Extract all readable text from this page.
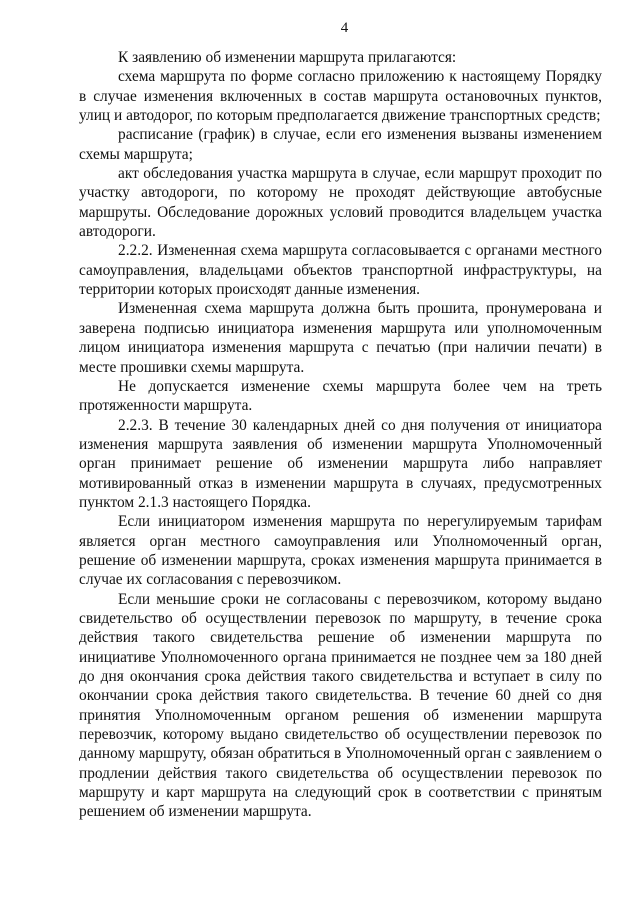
4

К заявлению об изменении маршрута прилагаются:

схема маршрута по форме согласно приложению к настоящему Порядку в случае изменения включенных в состав маршрута остановочных пунктов, улиц и автодорог, по которым предполагается движение транспортных средств;

расписание (график) в случае, если его изменения вызваны изменением схемы маршрута;

акт обследования участка маршрута в случае, если маршрут проходит по участку автодороги, по которому не проходят действующие автобусные маршруты. Обследование дорожных условий проводится владельцем участка автодороги.

2.2.2. Измененная схема маршрута согласовывается с органами местного самоуправления, владельцами объектов транспортной инфраструктуры, на территории которых происходят данные изменения.

Измененная схема маршрута должна быть прошита, пронумерована и заверена подписью инициатора изменения маршрута или уполномоченным лицом инициатора изменения маршрута с печатью (при наличии печати) в месте прошивки схемы маршрута.

Не допускается изменение схемы маршрута более чем на треть протяженности маршрута.

2.2.3. В течение 30 календарных дней со дня получения от инициатора изменения маршрута заявления об изменении маршрута Уполномоченный орган принимает решение об изменении маршрута либо направляет мотивированный отказ в изменении маршрута в случаях, предусмотренных пунктом 2.1.3 настоящего Порядка.

Если инициатором изменения маршрута по нерегулируемым тарифам является орган местного самоуправления или Уполномоченный орган, решение об изменении маршрута, сроках изменения маршрута принимается в случае их согласования с перевозчиком.

Если меньшие сроки не согласованы с перевозчиком, которому выдано свидетельство об осуществлении перевозок по маршруту, в течение срока действия такого свидетельства решение об изменении маршрута по инициативе Уполномоченного органа принимается не позднее чем за 180 дней до дня окончания срока действия такого свидетельства и вступает в силу по окончании срока действия такого свидетельства. В течение 60 дней со дня принятия Уполномоченным органом решения об изменении маршрута перевозчик, которому выдано свидетельство об осуществлении перевозок по данному маршруту, обязан обратиться в Уполномоченный орган с заявлением о продлении действия такого свидетельства об осуществлении перевозок по маршруту и карт маршрута на следующий срок в соответствии с принятым решением об изменении маршрута.
